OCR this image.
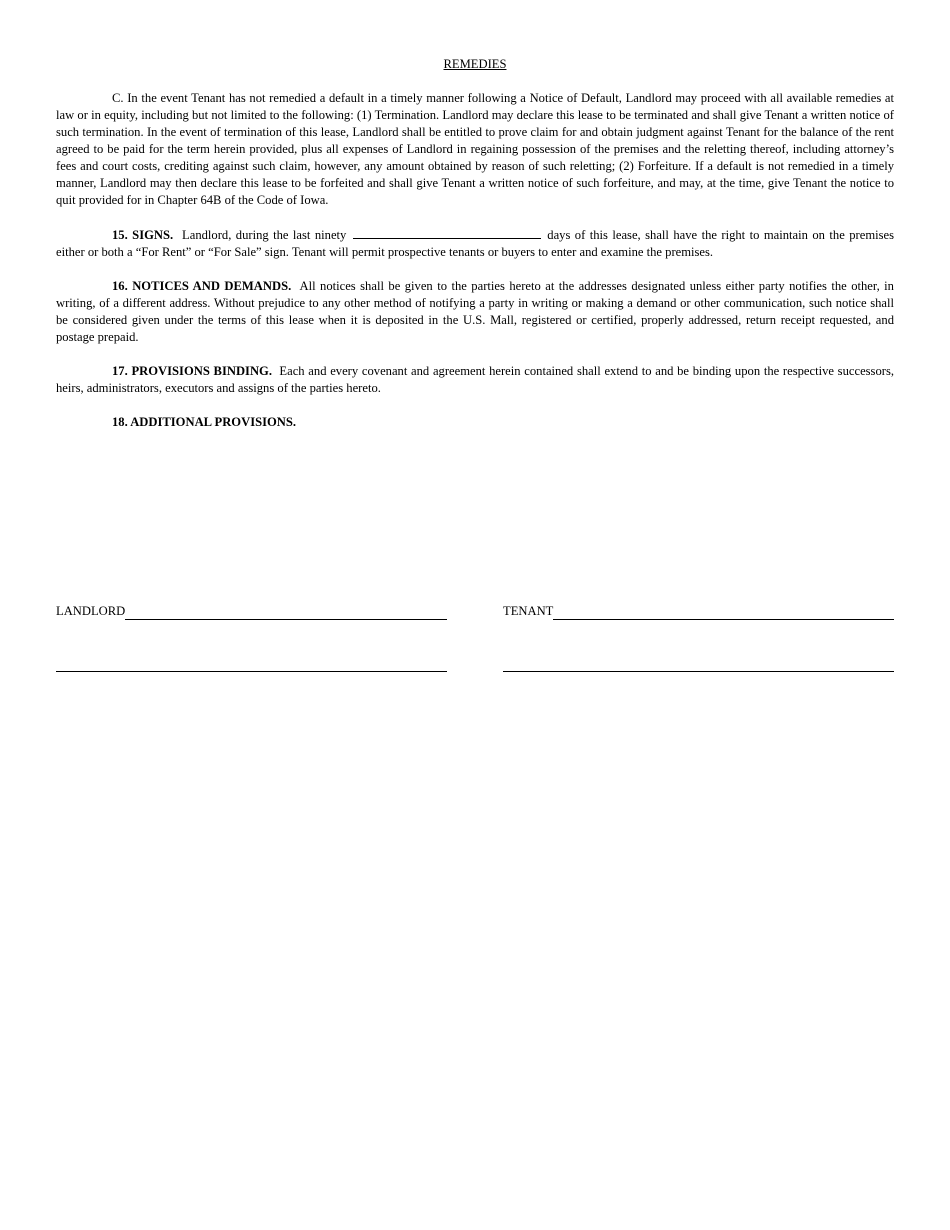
REMEDIES

C. In the event Tenant has not remedied a default in a timely manner following a Notice of Default, Landlord may proceed with all available remedies at law or in equity, including but not limited to the following: (1) Termination. Landlord may declare this lease to be terminated and shall give Tenant a written notice of such termination. In the event of termination of this lease, Landlord shall be entitled to prove claim for and obtain judgment against Tenant for the balance of the rent agreed to be paid for the term herein provided, plus all expenses of Landlord in regaining possession of the premises and the reletting thereof, including attorney’s fees and court costs, crediting against such claim, however, any amount obtained by reason of such reletting; (2) Forfeiture. If a default is not remedied in a timely manner, Landlord may then declare this lease to be forfeited and shall give Tenant a written notice of such forfeiture, and may, at the time, give Tenant the notice to quit provided for in Chapter 64B of the Code of Iowa.

15. SIGNS. Landlord, during the last ninety	days of this lease, shall have the right to maintain on the premises either or both a “For Rent” or “For Sale” sign. Tenant will permit prospective tenants or buyers to enter and examine the premises.

16. NOTICES AND DEMANDS. All notices shall be given to the parties hereto at the addresses designated unless either party notifies the other, in writing, of a different address. Without prejudice to any other method of notifying a party in writing or making a demand or other communication, such notice shall be considered given under the terms of this lease when it is deposited in the U.S. Mall, registered or certified, properly addressed, return receipt requested, and postage prepaid.

17. PROVISIONS BINDING. Each and every covenant and agreement herein contained shall extend to and be binding upon the respective successors, heirs, administrators, executors and assigns of the parties hereto.

18. ADDITIONAL PROVISIONS.

LANDLORD	TENANT
